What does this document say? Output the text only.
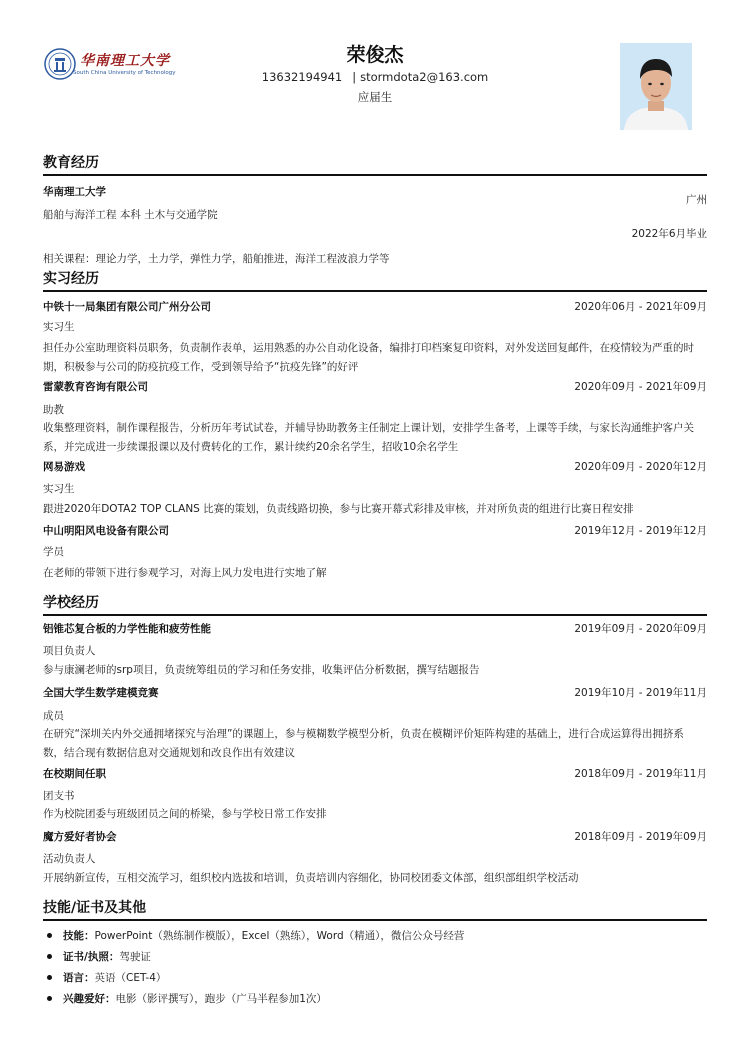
华南理工大学
South China University of Technology
荣俊杰
13632194941 | stormdota2@163.com
应届生
教育经历
华南理工大学
广州
船舶与海洋工程 本科 土木与交通学院
2022年6月毕业
相关课程：理论力学，土力学，弹性力学，船舶推进，海洋工程波浪力学等
实习经历
中铁十一局集团有限公司广州分公司	2020年06月 - 2021年09月
实习生
担任办公室助理资料员职务，负责制作表单，运用熟悉的办公自动化设备，编排打印档案复印资料，对外发送回复邮件，在疫情较为严重的时期，积极参与公司的防疫抗疫工作，受到领导给予“抗疫先锋”的好评
雷蒙教育咨询有限公司	2020年09月 - 2021年09月
助教
收集整理资料，制作课程报告，分析历年考试试卷，并辅导协助教务主任制定上课计划，安排学生备考，上课等手续，与家长沟通维护客户关系，并完成进一步续课报课以及付费转化的工作，累计续约20余名学生，招收10余名学生
网易游戏	2020年09月 - 2020年12月
实习生
跟进2020年DOTA2 TOP CLANS 比赛的策划，负责线路切换，参与比赛开幕式彩排及审核，并对所负责的组进行比赛日程安排
中山明阳风电设备有限公司	2019年12月 - 2019年12月
学员
在老师的带领下进行参观学习，对海上风力发电进行实地了解
学校经历
铝锥芯复合板的力学性能和疲劳性能	2019年09月 - 2020年09月
项目负责人
参与康澜老师的srp项目，负责统筹组员的学习和任务安排，收集评估分析数据，撰写结题报告
全国大学生数学建模竞赛	2019年10月 - 2019年11月
成员
在研究“深圳关内外交通拥堵探究与治理”的课题上，参与模糊数学模型分析，负责在模糊评价矩阵构建的基础上，进行合成运算得出拥挤系数，结合现有数据信息对交通规划和改良作出有效建议
在校期间任职	2018年09月 - 2019年11月
团支书
作为校院团委与班级团员之间的桥梁，参与学校日常工作安排
魔方爱好者协会	2018年09月 - 2019年09月
活动负责人
开展纳新宣传，互相交流学习，组织校内选拔和培训，负责培训内容细化，协同校团委文体部，组织部组织学校活动
技能/证书及其他
技能：PowerPoint（熟练制作模版），Excel（熟练），Word（精通），微信公众号经营
证书/执照：驾驶证
语言：英语（CET-4）
兴趣爱好：电影（影评撰写），跑步（广马半程参加1次）
